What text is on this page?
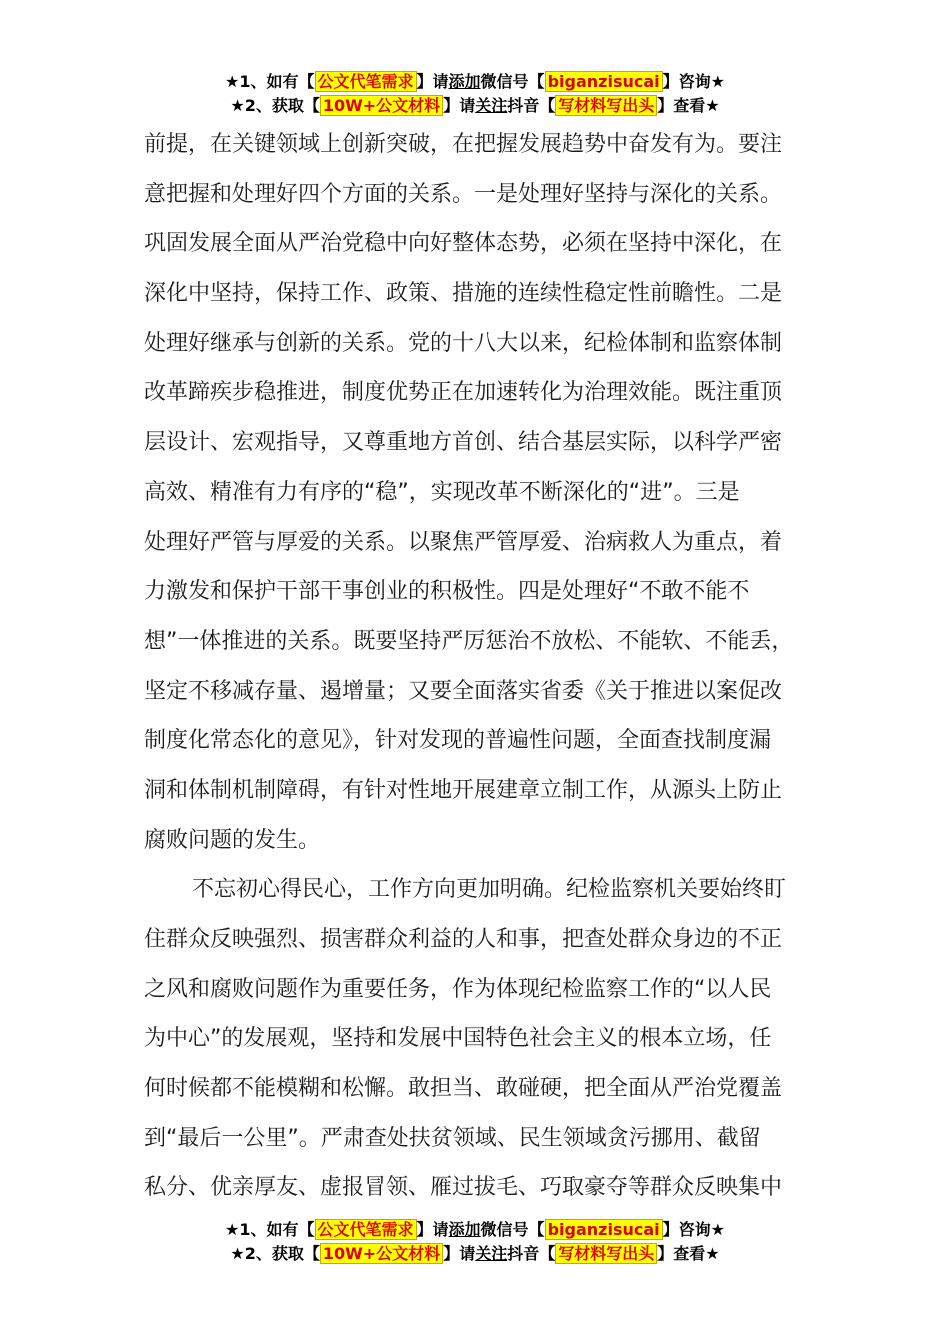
★1、如有【 公文代笔需求 】请添加微信号【 biganzisucai 】咨询★
★2、获取【 10W+公文材料 】请关注抖音【 写材料写出头 】查看★
前提，在关键领域上创新突破，在把握发展趋势中奋发有为。要注
意把握和处理好四个方面的关系。一是处理好坚持与深化的关系。
巩固发展全面从严治党稳中向好整体态势，必须在坚持中深化，在
深化中坚持，保持工作、政策、措施的连续性稳定性前瞻性。二是
处理好继承与创新的关系。党的十八大以来，纪检体制和监察体制
改革蹄疾步稳推进，制度优势正在加速转化为治理效能。既注重顶
层设计、宏观指导，又尊重地方首创、结合基层实际，以科学严密
高效、精准有力有序的“稳”，实现改革不断深化的“进”。三是
处理好严管与厚爱的关系。以聚焦严管厚爱、治病救人为重点，着
力激发和保护干部干事创业的积极性。四是处理好“不敢不能不
想”一体推进的关系。既要坚持严厉惩治不放松、不能软、不能丢，
坚定不移减存量、遏增量；又要全面落实省委《关于推进以案促改
制度化常态化的意见》，针对发现的普遍性问题，全面查找制度漏
洞和体制机制障碍，有针对性地开展建章立制工作，从源头上防止
腐败问题的发生。
不忘初心得民心，工作方向更加明确。纪检监察机关要始终盯
住群众反映强烈、损害群众利益的人和事，把查处群众身边的不正
之风和腐败问题作为重要任务，作为体现纪检监察工作的“以人民
为中心”的发展观，坚持和发展中国特色社会主义的根本立场，任
何时候都不能模糊和松懈。敢担当、敢碰硬，把全面从严治党覆盖
到“最后一公里”。严肃查处扶贫领域、民生领域贪污挪用、截留
私分、优亲厚友、虚报冒领、雁过拔毛、巧取豪夺等群众反映集中
★1、如有【 公文代笔需求 】请添加微信号【 biganzisucai 】咨询★
★2、获取【 10W+公文材料 】请关注抖音【 写材料写出头 】查看★
